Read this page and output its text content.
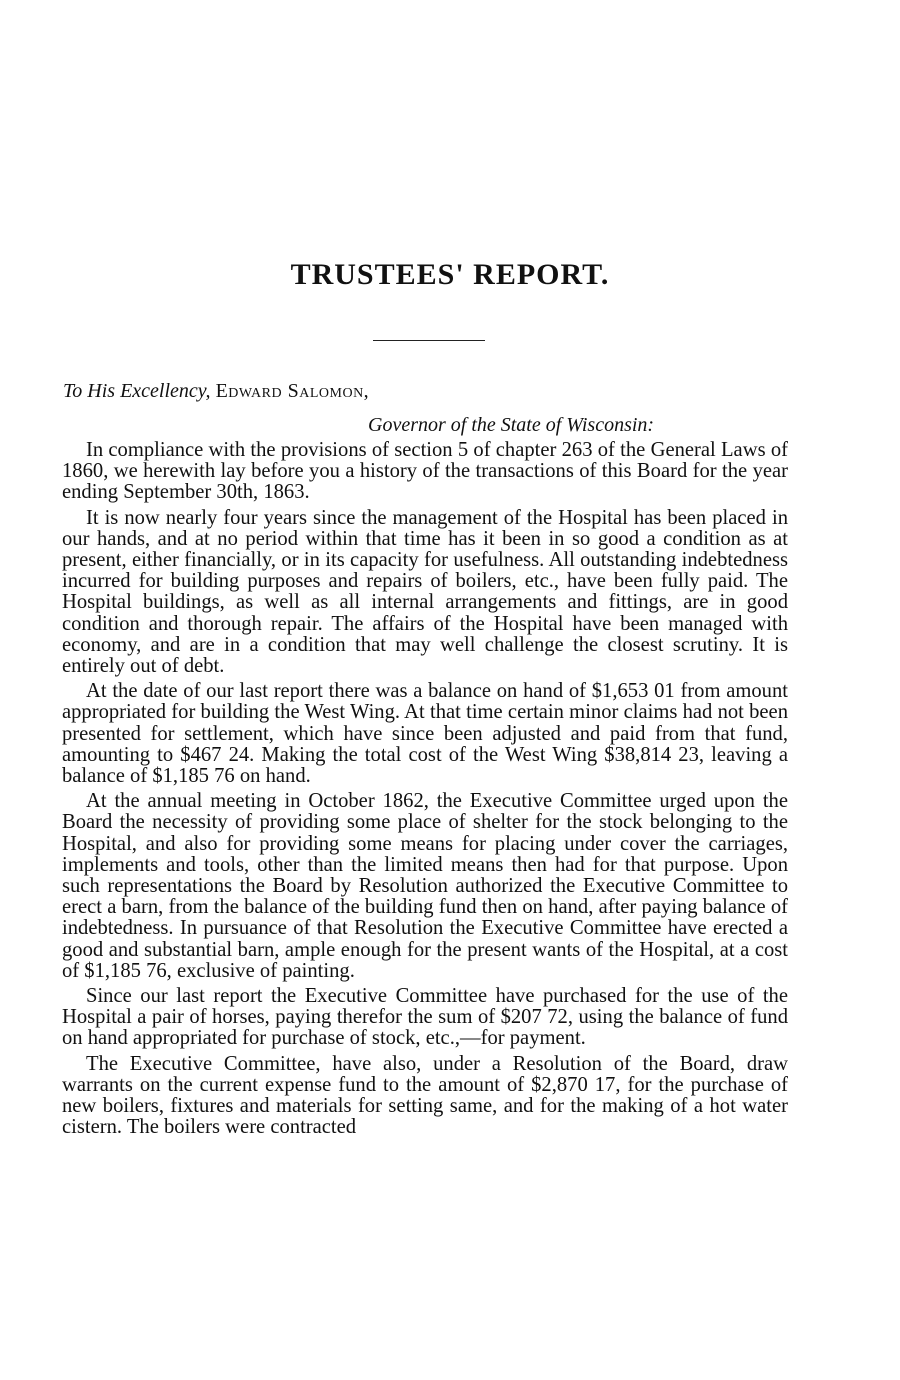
TRUSTEES' REPORT.
To His Excellency, Edward Salomon,
Governor of the State of Wisconsin:

In compliance with the provisions of section 5 of chapter 263 of the General Laws of 1860, we herewith lay before you a history of the transactions of this Board for the year ending September 30th, 1863.

It is now nearly four years since the management of the Hospital has been placed in our hands, and at no period within that time has it been in so good a condition as at present, either financially, or in its capacity for usefulness. All outstanding indebtedness incurred for building purposes and repairs of boilers, etc., have been fully paid. The Hospital buildings, as well as all internal arrangements and fittings, are in good condition and thorough repair. The affairs of the Hospital have been managed with economy, and are in a condition that may well challenge the closest scrutiny. It is entirely out of debt.

At the date of our last report there was a balance on hand of $1,653 01 from amount appropriated for building the West Wing. At that time certain minor claims had not been presented for settlement, which have since been adjusted and paid from that fund, amounting to $467 24. Making the total cost of the West Wing $38,814 23, leaving a balance of $1,185 76 on hand.

At the annual meeting in October 1862, the Executive Committee urged upon the Board the necessity of providing some place of shelter for the stock belonging to the Hospital, and also for providing some means for placing under cover the carriages, implements and tools, other than the limited means then had for that purpose. Upon such representations the Board by Resolution authorized the Executive Committee to erect a barn, from the balance of the building fund then on hand, after paying balance of indebtedness. In pursuance of that Resolution the Executive Committee have erected a good and substantial barn, ample enough for the present wants of the Hospital, at a cost of $1,185 76, exclusive of painting.

Since our last report the Executive Committee have purchased for the use of the Hospital a pair of horses, paying therefor the sum of $207 72, using the balance of fund on hand appropriated for purchase of stock, etc.,—for payment.

The Executive Committee, have also, under a Resolution of the Board, draw warrants on the current expense fund to the amount of $2,870 17, for the purchase of new boilers, fixtures and materials for setting same, and for the making of a hot water cistern. The boilers were contracted
